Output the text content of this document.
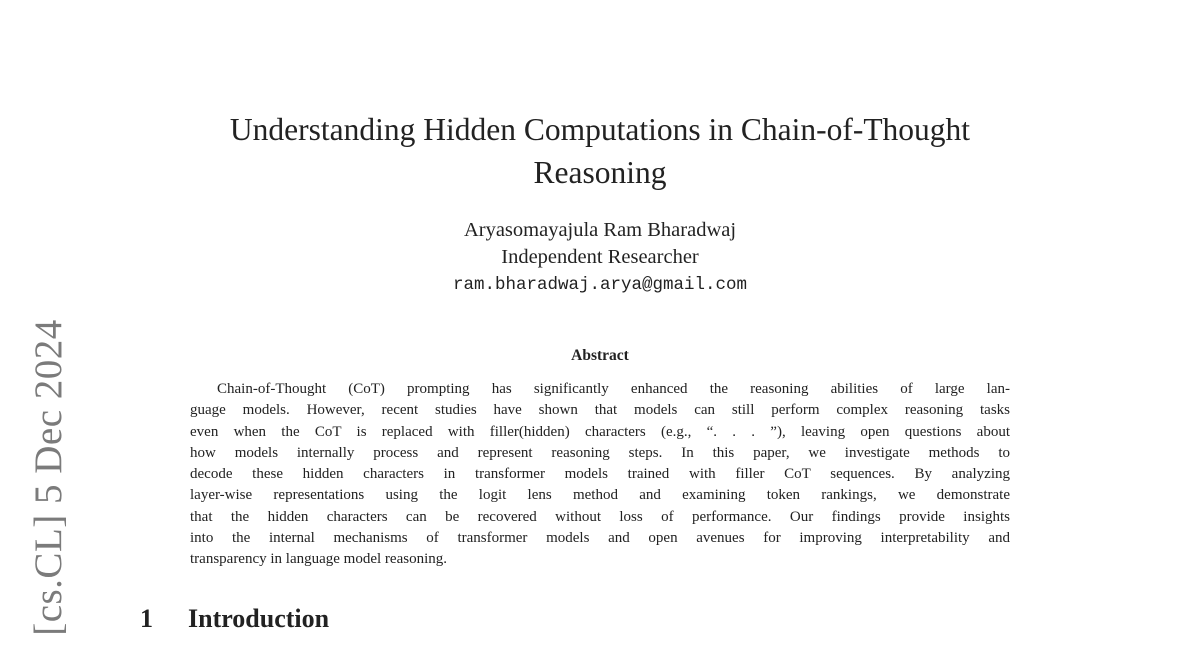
[cs.CL] 5 Dec 2024
Understanding Hidden Computations in Chain-of-Thought Reasoning
Aryasomayajula Ram Bharadwaj
Independent Researcher
ram.bharadwaj.arya@gmail.com
Abstract
Chain-of-Thought (CoT) prompting has significantly enhanced the reasoning abilities of large lan-
guage models. However, recent studies have shown that models can still perform complex reasoning tasks
even when the CoT is replaced with filler(hidden) characters (e.g., “. . . ”), leaving open questions about
how models internally process and represent reasoning steps. In this paper, we investigate methods to
decode these hidden characters in transformer models trained with filler CoT sequences. By analyzing
layer-wise representations using the logit lens method and examining token rankings, we demonstrate
that the hidden characters can be recovered without loss of performance. Our findings provide insights
into the internal mechanisms of transformer models and open avenues for improving interpretability and
transparency in language model reasoning.
1 Introduction
